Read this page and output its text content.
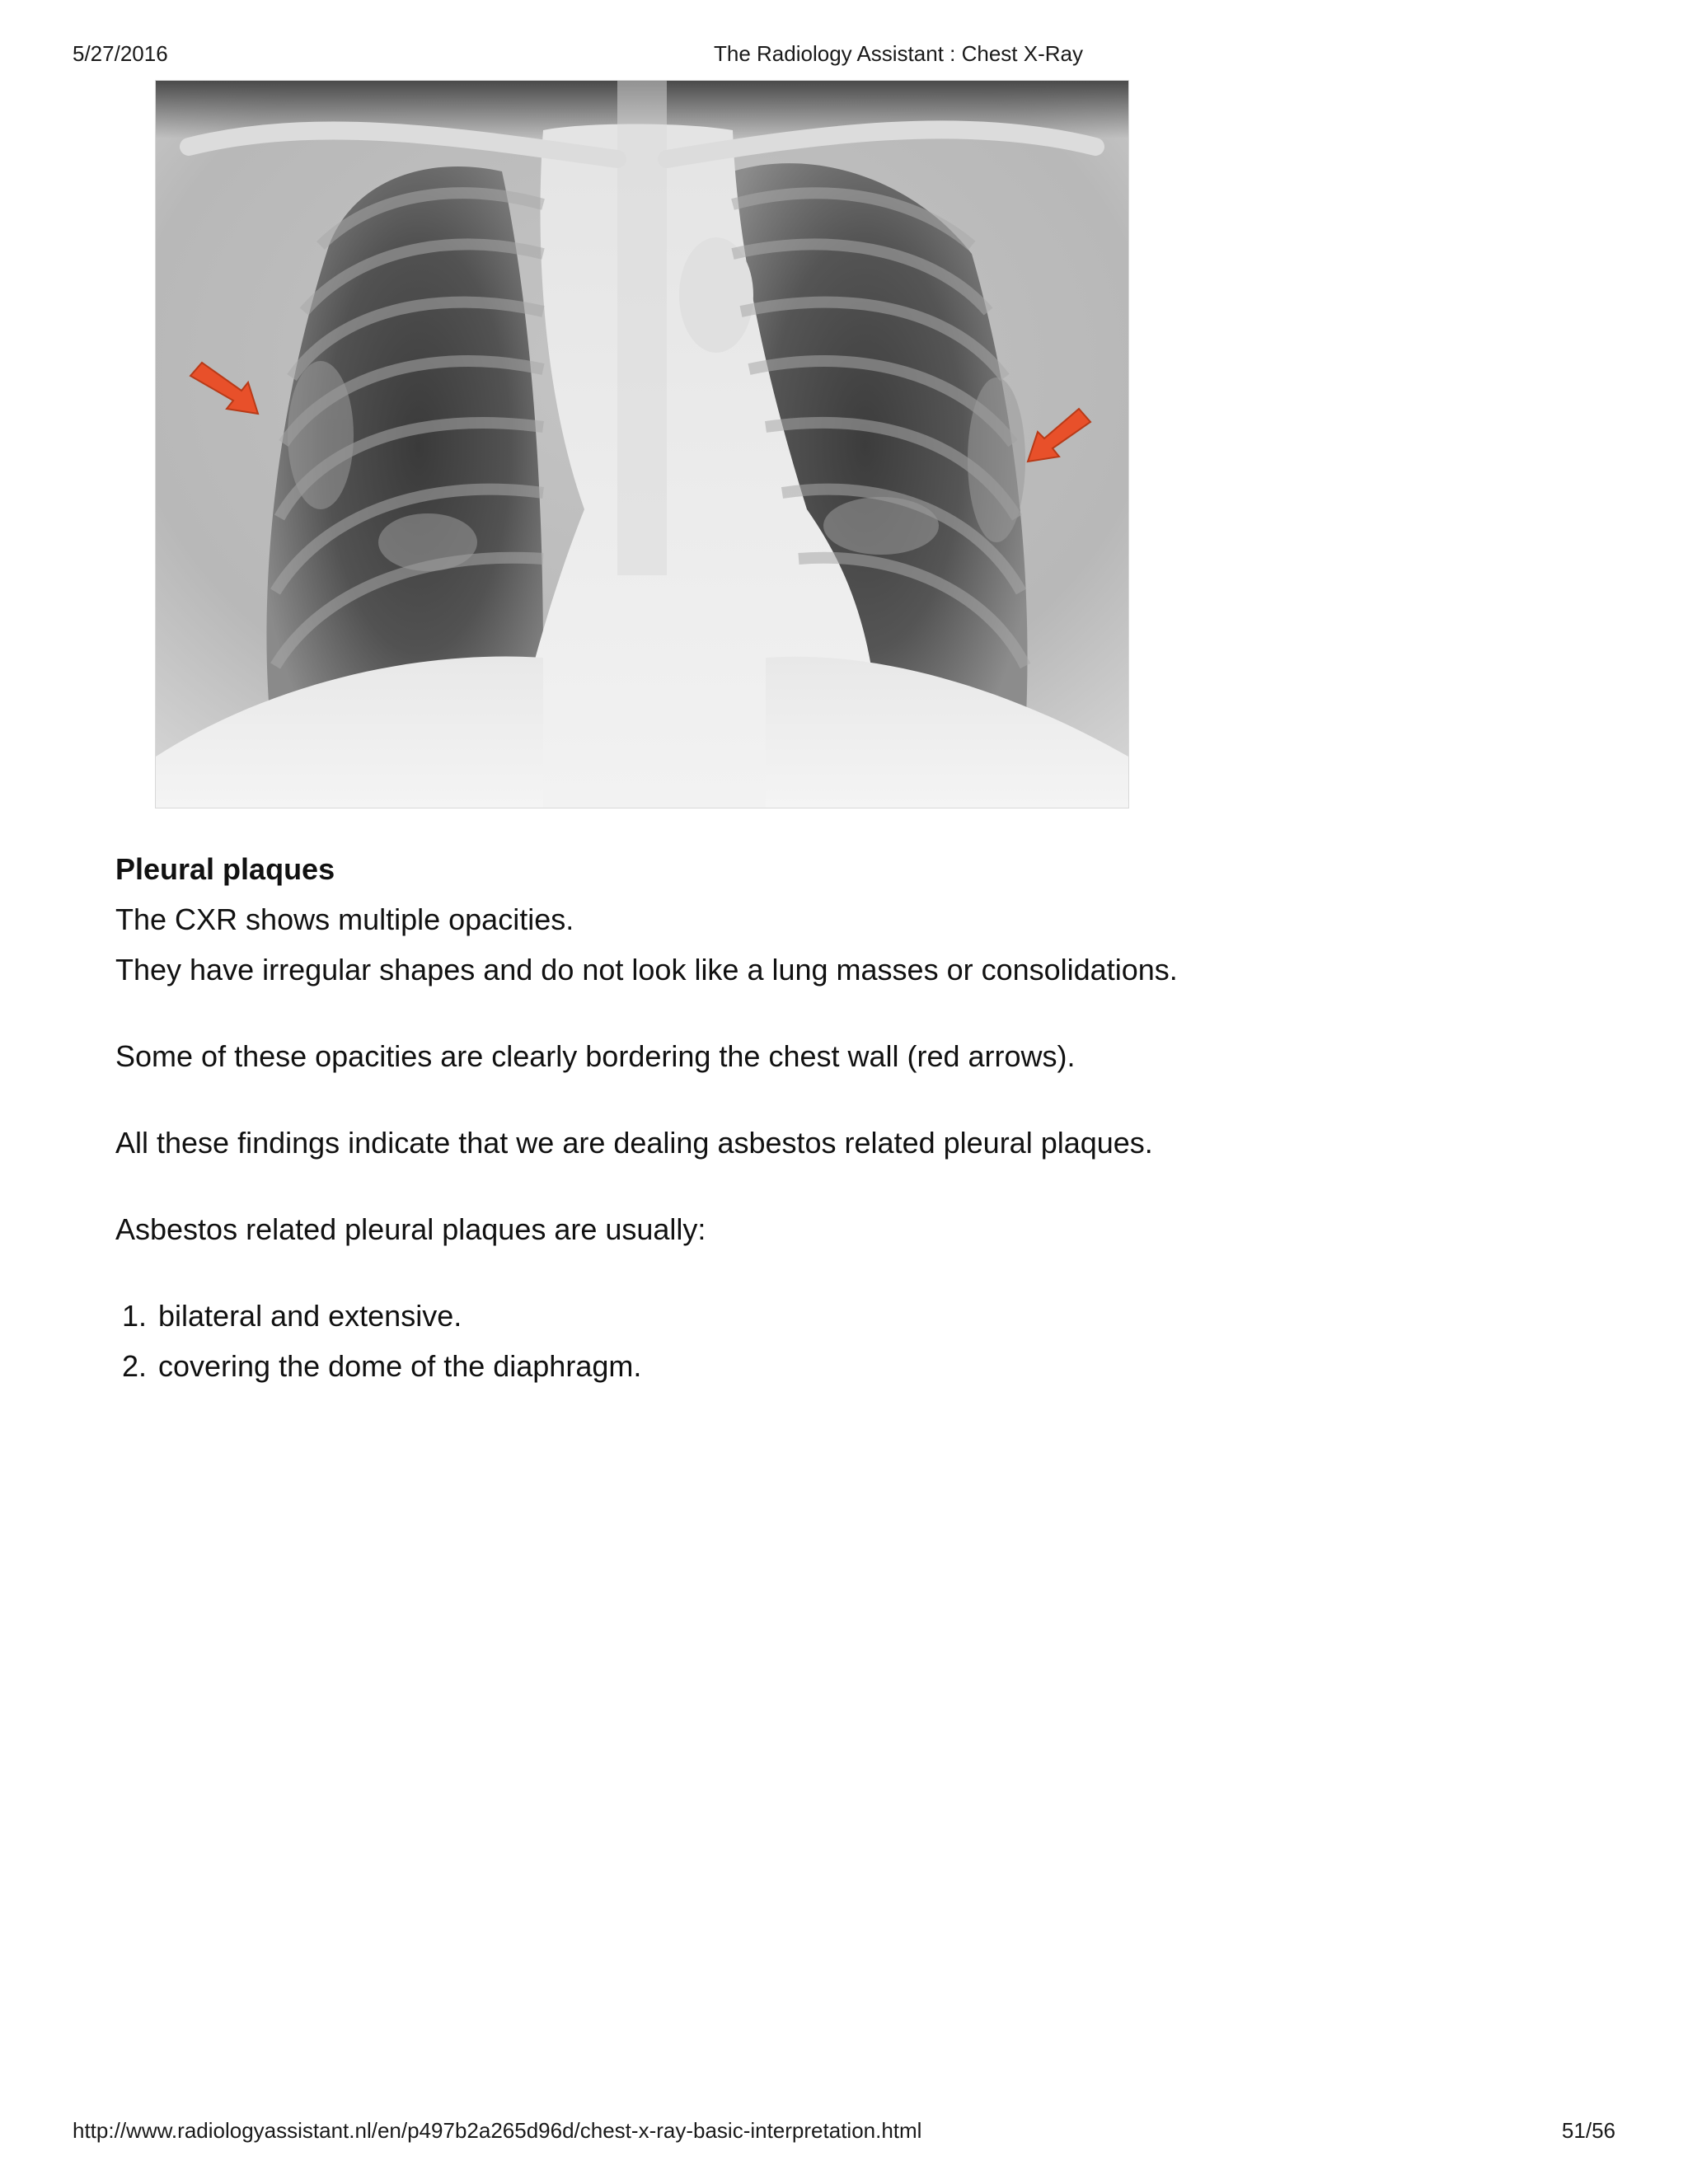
5/27/2016	The Radiology Assistant : Chest X-Ray

Pleural plaques

The CXR shows multiple opacities.

They have irregular shapes and do not look like a lung masses or consolidations.

Some of these opacities are clearly bordering the chest wall (red arrows).

All these findings indicate that we are dealing asbestos related pleural plaques.

Asbestos related pleural plaques are usually:

1. bilateral and extensive.
2. covering the dome of the diaphragm.
http://www.radiologyassistant.nl/en/p497b2a265d96d/chest-x-ray-basic-interpretation.html	51/56
